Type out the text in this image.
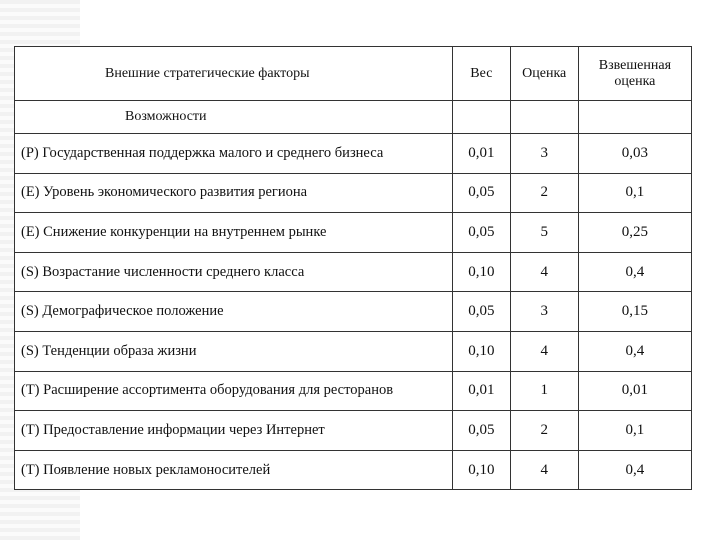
Внешние стратегические факторы	Вес	Оценка	Взвешенная оценка
Возможности			
(P) Государственная поддержка малого и среднего бизнеса	0,01	3	0,03
(E) Уровень экономического развития региона	0,05	2	0,1
(E) Снижение конкуренции на внутреннем рынке	0,05	5	0,25
(S) Возрастание численности среднего класса	0,10	4	0,4
(S) Демографическое положение	0,05	3	0,15
(S) Тенденции образа жизни	0,10	4	0,4
(T) Расширение ассортимента оборудования для ресторанов	0,01	1	0,01
(T) Предоставление информации через Интернет	0,05	2	0,1
(T) Появление новых рекламоносителей	0,10	4	0,4
